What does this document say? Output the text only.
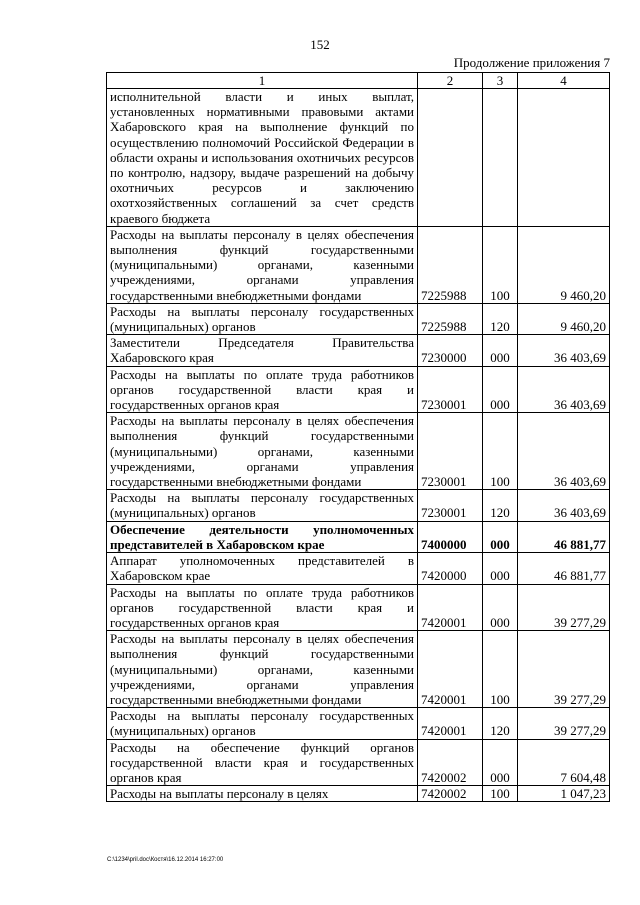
152
Продолжение приложения 7
1	2	3	4
исполнительной власти и иных выплат, установленных нормативными правовыми актами Хабаровского края на выполнение функций по осуществлению полномочий Российской Федерации в области охраны и использования охотничьих ресурсов по контролю, надзору, выдаче разрешений на добычу охотничьих ресурсов и заключению охотхозяйственных соглашений за счет средств краевого бюджета			
Расходы на выплаты персоналу в целях обеспечения выполнения функций государственными (муниципальными) органами, казенными учреждениями, органами управления государственными внебюджетными фондами	7225988	100	9 460,20
Расходы на выплаты персоналу государственных (муниципальных) органов	7225988	120	9 460,20
Заместители Председателя Правительства Хабаровского края	7230000	000	36 403,69
Расходы на выплаты по оплате труда работников органов государственной власти края и государственных органов края	7230001	000	36 403,69
Расходы на выплаты персоналу в целях обеспечения выполнения функций государственными (муниципальными) органами, казенными учреждениями, органами управления государственными внебюджетными фондами	7230001	100	36 403,69
Расходы на выплаты персоналу государственных (муниципальных) органов	7230001	120	36 403,69
Обеспечение деятельности уполномоченных представителей в Хабаровском крае	7400000	000	46 881,77
Аппарат уполномоченных представителей в Хабаровском крае	7420000	000	46 881,77
Расходы на выплаты по оплате труда работников органов государственной власти края и государственных органов края	7420001	000	39 277,29
Расходы на выплаты персоналу в целях обеспечения выполнения функций государственными (муниципальными) органами, казенными учреждениями, органами управления государственными внебюджетными фондами	7420001	100	39 277,29
Расходы на выплаты персоналу государственных (муниципальных) органов	7420001	120	39 277,29
Расходы на обеспечение функций органов государственной власти края и государственных органов края	7420002	000	7 604,48
Расходы на выплаты персоналу в целях	7420002	100	1 047,23
C:\1234\pril.doc\Костя\16.12.2014 16:27:00
